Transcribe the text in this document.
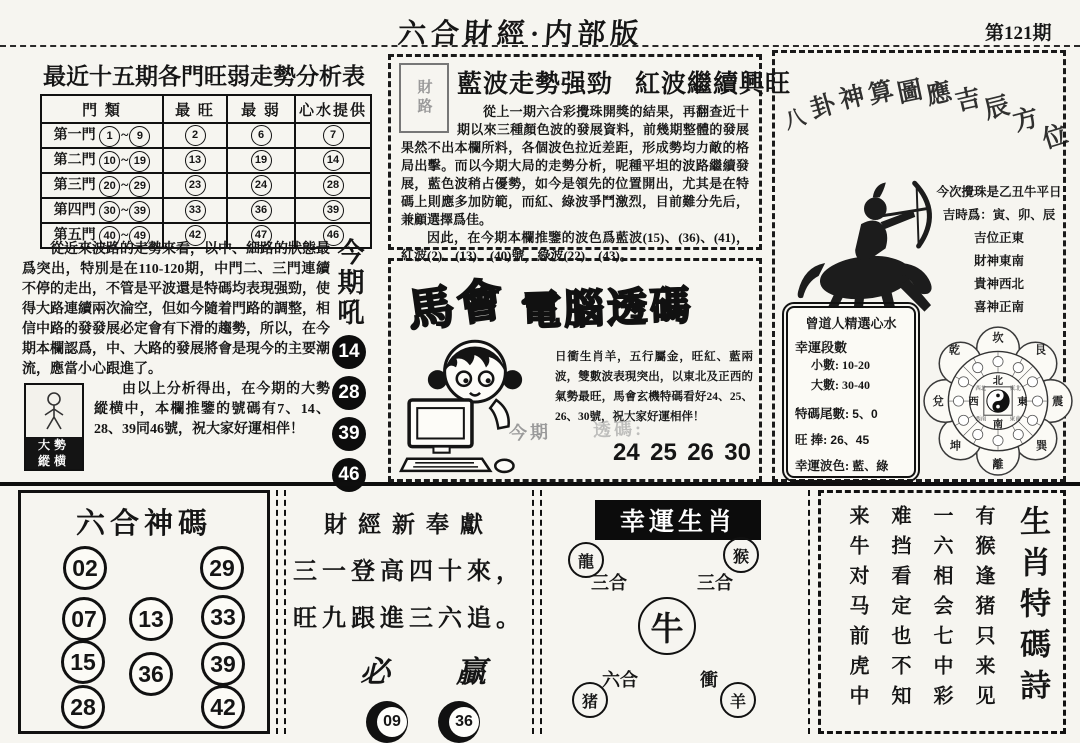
六合財經·内部版	第121期
最近十五期各門旺弱走勢分析表
門 類	最 旺	最 弱	心水提供
第一門 1 ~ 9	2	6	7
第二門 10 ~ 19	13	19	14
第三門 20 ~ 29	23	24	28
第四門 30 ~ 39	33	36	39
第五門 40 ~ 49	42	47	46

從近來波路的走勢來看，以中、細路的狀態最爲突出，特別是在110-120期，中門二、三門連續不停的走出，不管是平波還是特碼均表現强勁，使得大路連續兩次淪空，但如今隨着門路的調整，相信中路的發發展必定會有下滑的趨勢，所以，在今期本欄認爲，中、大路的發展將會是現今的主要潮流，應當小心跟進了。

大勢
縱横

由以上分析得出，在今期的大勢縱横中，本欄推鑒的號碼有7、14、28、39同46號，祝大家好運相伴！

今期吼
14
28
39
46
財路	藍波走勢强勁 紅波繼續興旺

從上一期六合彩攪珠開獎的結果，再翻查近十期以來三種顏色波的發展資料，前幾期整體的發展果然不出本欄所料，各個波色拉近差距，形成勢均力敵的格局出擊。而以今期大局的走勢分析，呢種平坦的波路繼續發展，藍色波稍占優勢，如今是領先的位置開出，尤其是在特碼上則應多加防範，而紅、綠波爭鬥激烈，目前難分先后，兼顧選擇爲佳。

因此，在今期本欄推鑒的波色爲藍波(15)、(36)、(41)，紅波(2)、(13)、(40)號，綠波(22)、(43)。

馬會 電腦透碼
日衝生肖羊，五行屬金，旺紅、藍兩波，雙數波表現突出，以東北及正西的氣勢最旺，馬會玄機特碼看好24、25、26、30號，祝大家好運相伴！
今期 透碼:
24 25 26 30
八
卦
神
算
圖
應
吉
辰
方
位
今次攪珠是乙丑牛平日
吉時爲：寅、卯、辰
吉位正東
財神東南
貴神西北
喜神正南
曾道人精選心水
幸運段數
小數: 10-20
大數: 30-40
特碼尾數: 5、0
旺 捧: 26、45
幸運波色: 藍、綠
坎
艮
震
巽
離
坤
兌
乾
北
南
東
西
西北	東北
西南	東南
六合神碼
02	29
07	13	33
15	36	39
28	42
財經新奉獻
三一登高四十來，
旺九跟進三六追。
必 贏
09	36
幸運生肖
龍	猴
三合	三合
牛
六合	衝
猪	羊	生肖特碼詩
有猴逢猪只来见
一六相会七中彩
难挡看定也不知
来牛对马前虎中
